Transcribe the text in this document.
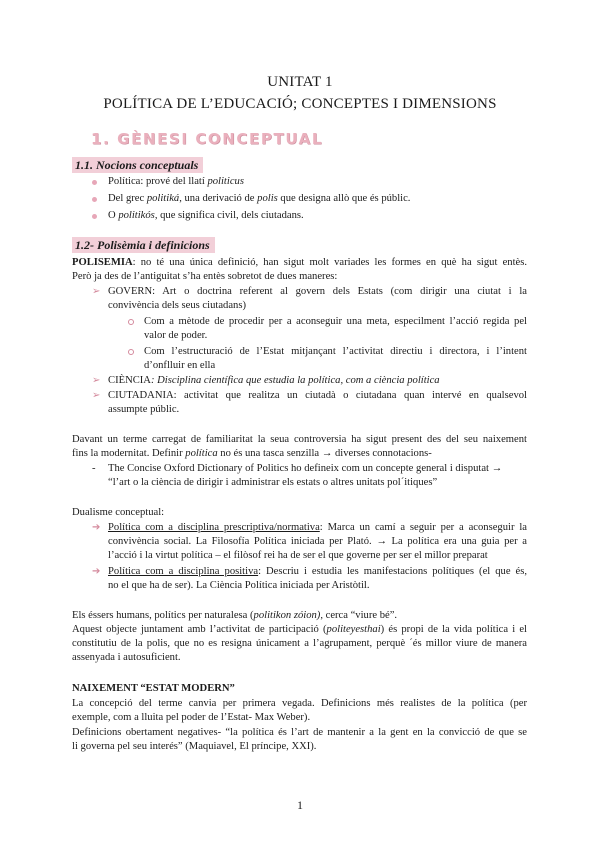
UNITAT 1
POLÍTICA DE L’EDUCACIÓ; CONCEPTES I DIMENSIONS
1. GÈNESI CONCEPTUAL
1.1. Nocions conceptuals
Política: prové del llatí politicus
Del grec politiká, una derivació de polis que designa allò que és públic.
O politikós, que significa civil, dels ciutadans.
1.2- Polisèmia i definicions
POLISEMIA: no té una única definició, han sigut molt variades les formes en què ha sigut entès.
Però ja des de l’antiguitat s’ha entès sobretot de dues maneres:
➢ GOVERN: Art o doctrina referent al govern dels Estats (com dirigir una ciutat i la
convivència dels seus ciutadans)
Com a mètode de procedir per a aconseguir una meta, especilment l’acció regida pel
valor de poder.
Com l’estructuració de l’Estat mitjançant l’activitat directiu i directora, i l’intent
d’onflluir en ella
➢ CIÈNCIA: Disciplina científica que estudia la política, com a ciència política
➢ CIUTADANIA: activitat que realitza un ciutadà o ciutadana quan intervé en qualsevol
assumpte públic.
Davant un terme carregat de familiaritat la seua controversia ha sigut present des del seu naixement
fins la modernitat. Definir política no és una tasca senzilla → diverses connotacions-
- The Concise Oxford Dictionary of Politics ho defineix com un concepte general i disputat →
“l’art o la ciència de dirigir i administrar els estats o altres unitats pol´itiques”
Dualisme conceptual:
➔ Política com a disciplina prescriptiva/normativa: Marca un camí a seguir per a aconseguir la
convivència social. La Filosofía Política iniciada per Plató. → La política era una guia per a
l’acció i la virtut política – el filòsof rei ha de ser el que governe per ser el millor preparat
➔ Política com a disciplina positiva: Descriu i estudia les manifestacions polítiques (el que és,
no el que ha de ser). La Ciència Política iniciada per Aristòtil.
Els éssers humans, polítics per naturalesa (politikon zóion), cerca “viure bé”.
Aquest objecte juntament amb l’activitat de participació (politeyesthai) és propi de la vida política i el
constitutiu de la polis, que no es resigna únicament a l’agrupament, perquè ´és millor viure de manera
assenyada i autosuficient.
NAIXEMENT “ESTAT MODERN”
La concepció del terme canvia per primera vegada. Definicions més realistes de la política (per
exemple, com a lluita pel poder de l’Estat- Max Weber).
Definicions obertament negatives- “la política és l’art de mantenir a la gent en la convicció de que se
li governa pel seu interés” (Maquiavel, El príncipe, XXI).
1
